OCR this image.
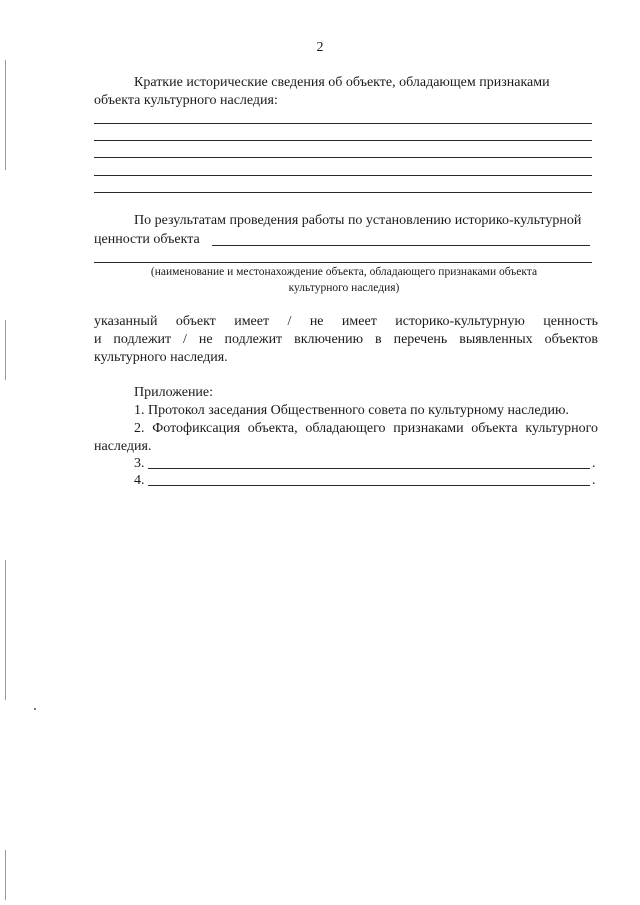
2
Краткие исторические сведения об объекте, обладающем признаками
объекта культурного наследия:
По результатам проведения работы по установлению историко-культурной
ценности объекта
(наименование и местонахождение объекта, обладающего признаками объекта
культурного наследия)
указанный объект имеет / не имеет историко-культурную ценность
и подлежит / не подлежит включению в перечень выявленных объектов
культурного наследия.
Приложение:
1. Протокол заседания Общественного совета по культурному наследию.
2. Фотофиксация объекта, обладающего признаками объекта культурного
наследия.
3.	.
4.	.
